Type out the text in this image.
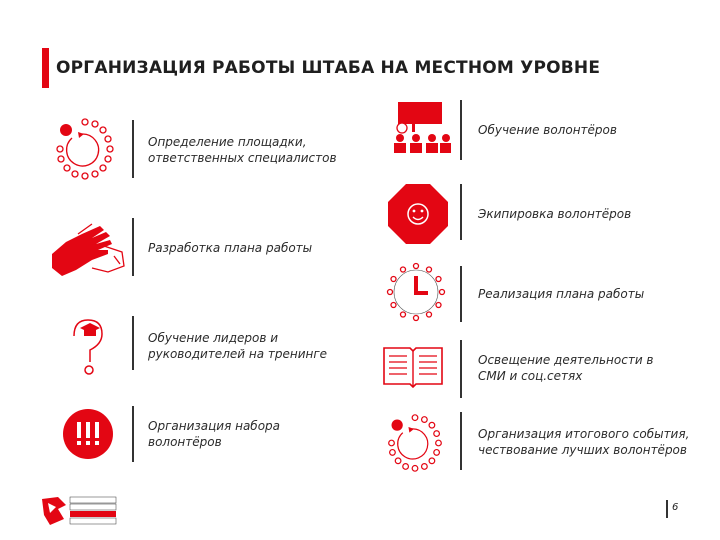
ОРГАНИЗАЦИЯ РАБОТЫ ШТАБА НА МЕСТНОМ УРОВНЕ

Определение площадки,
ответственных специалистов

Разработка плана работы

Обучение лидеров и
руководителей на тренинге

Организация набора
волонтёров

Обучение волонтёров

Экипировка волонтёров

Реализация плана работы

Освещение деятельности в
СМИ и соц.сетях

Организация итогового события,
чествование лучших волонтёров

6
